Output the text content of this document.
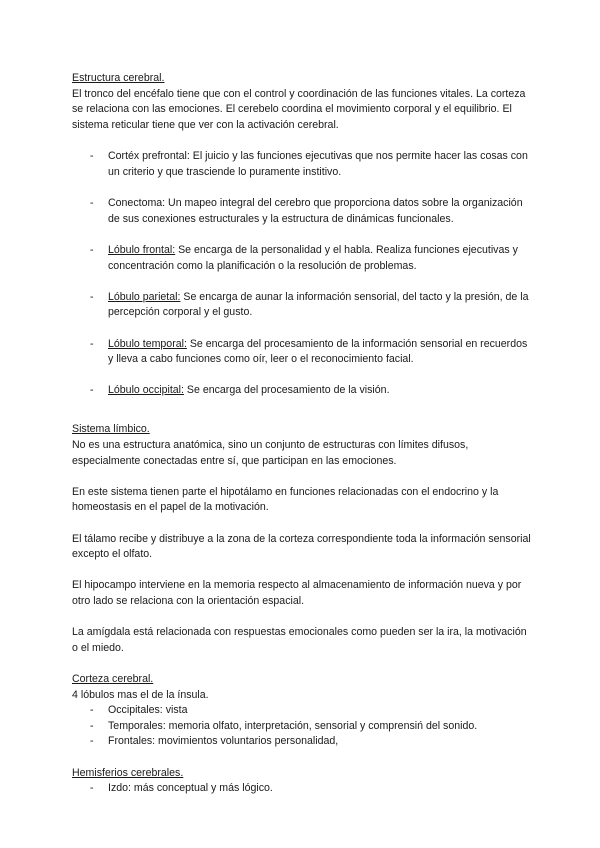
Estructura cerebral.

El tronco del encéfalo tiene que con el control y coordinación de las funciones vitales. La corteza se relaciona con las emociones. El cerebelo coordina el movimiento corporal y el equilibrio. El sistema reticular tiene que ver con la activación cerebral.

- Cortéx prefrontal: El juicio y las funciones ejecutivas que nos permite hacer las cosas con un criterio y que trasciende lo puramente institivo.
- Conectoma: Un mapeo integral del cerebro que proporciona datos sobre la organización de sus conexiones estructurales y la estructura de dinámicas funcionales.
- Lóbulo frontal: Se encarga de la personalidad y el habla. Realiza funciones ejecutivas y concentración como la planificación o la resolución de problemas.
- Lóbulo parietal: Se encarga de aunar la información sensorial, del tacto y la presión, de la percepción corporal y el gusto.
- Lóbulo temporal: Se encarga del procesamiento de la información sensorial en recuerdos y lleva a cabo funciones como oír, leer o el reconocimiento facial.
- Lóbulo occipital: Se encarga del procesamiento de la visión.

Sistema límbico.

No es una estructura anatómica, sino un conjunto de estructuras con límites difusos, especialmente conectadas entre sí, que participan en las emociones.

En este sistema tienen parte el hipotálamo en funciones relacionadas con el endocrino y la homeostasis en el papel de la motivación.

El tálamo recibe y distribuye a la zona de la corteza correspondiente toda la información sensorial excepto el olfato.

El hipocampo interviene en la memoria respecto al almacenamiento de información nueva y por otro lado se relaciona con la orientación espacial.

La amígdala está relacionada con respuestas emocionales como pueden ser la ira, la motivación o el miedo.

Corteza cerebral.

4 lóbulos mas el de la ínsula.

- Occipitales: vista
- Temporales: memoria olfato, interpretación, sensorial y comprensiń del sonido.
- Frontales: movimientos voluntarios personalidad,

Hemisferios cerebrales.

- Izdo: más conceptual y más lógico.
